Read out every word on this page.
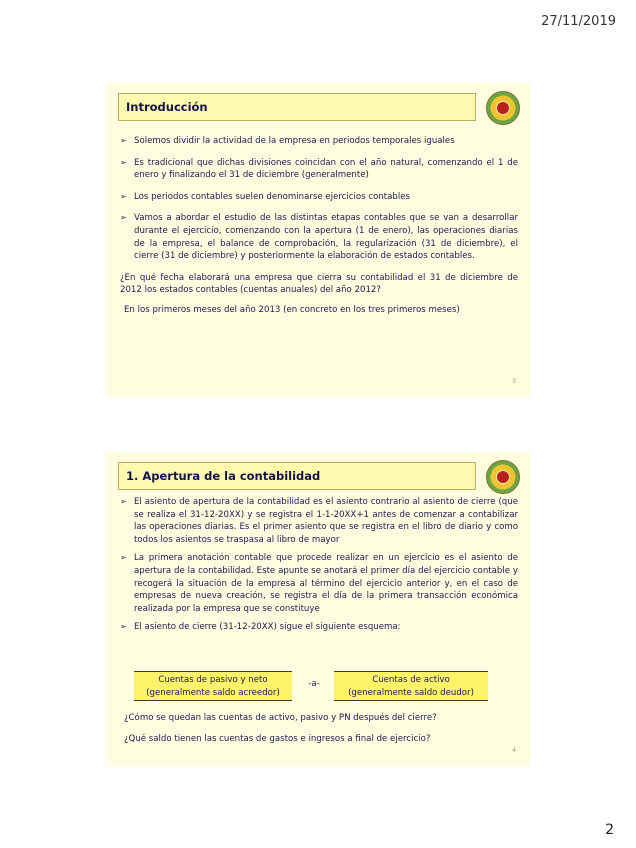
27/11/2019
Introducción
➢ Solemos dividir la actividad de la empresa en periodos temporales iguales
➢ Es tradicional que dichas divisiones coincidan con el año natural, comenzando el 1 de enero y finalizando el 31 de diciembre (generalmente)
➢ Los periodos contables suelen denominarse ejercicios contables
➢ Vamos a abordar el estudio de las distintas etapas contables que se van a desarrollar durante el ejercicio, comenzando con la apertura (1 de enero), las operaciones diarias de la empresa, el balance de comprobación, la regularización (31 de diciembre), el cierre (31 de diciembre) y posteriormente la elaboración de estados contables.
¿En qué fecha elaborará una empresa que cierra su contabilidad el 31 de diciembre de 2012 los estados contables (cuentas anuales) del año 2012?
En los primeros meses del año 2013 (en concreto en los tres primeros meses)
3
1. Apertura de la contabilidad
➢ El asiento de apertura de la contabilidad es el asiento contrario al asiento de cierre (que se realiza el 31-12-20XX) y se registra el 1-1-20XX+1 antes de comenzar a contabilizar las operaciones diarias. Es el primer asiento que se registra en el libro de diario y como todos los asientos se traspasa al libro de mayor
➢ La primera anotación contable que procede realizar en un ejercicio es el asiento de apertura de la contabilidad. Este apunte se anotará el primer día del ejercicio contable y recogerá la situación de la empresa al término del ejercicio anterior y, en el caso de empresas de nueva creación, se registra el día de la primera transacción económica realizada por la empresa que se constituye
➢ El asiento de cierre (31-12-20XX) sigue el siguiente esquema:
Cuentas de pasivo y neto
(generalmente saldo acreedor)
-a-	Cuentas de activo
(generalmente saldo deudor)
¿Cómo se quedan las cuentas de activo, pasivo y PN después del cierre?
¿Qué saldo tienen las cuentas de gastos e ingresos a final de ejercicio?
4
2
